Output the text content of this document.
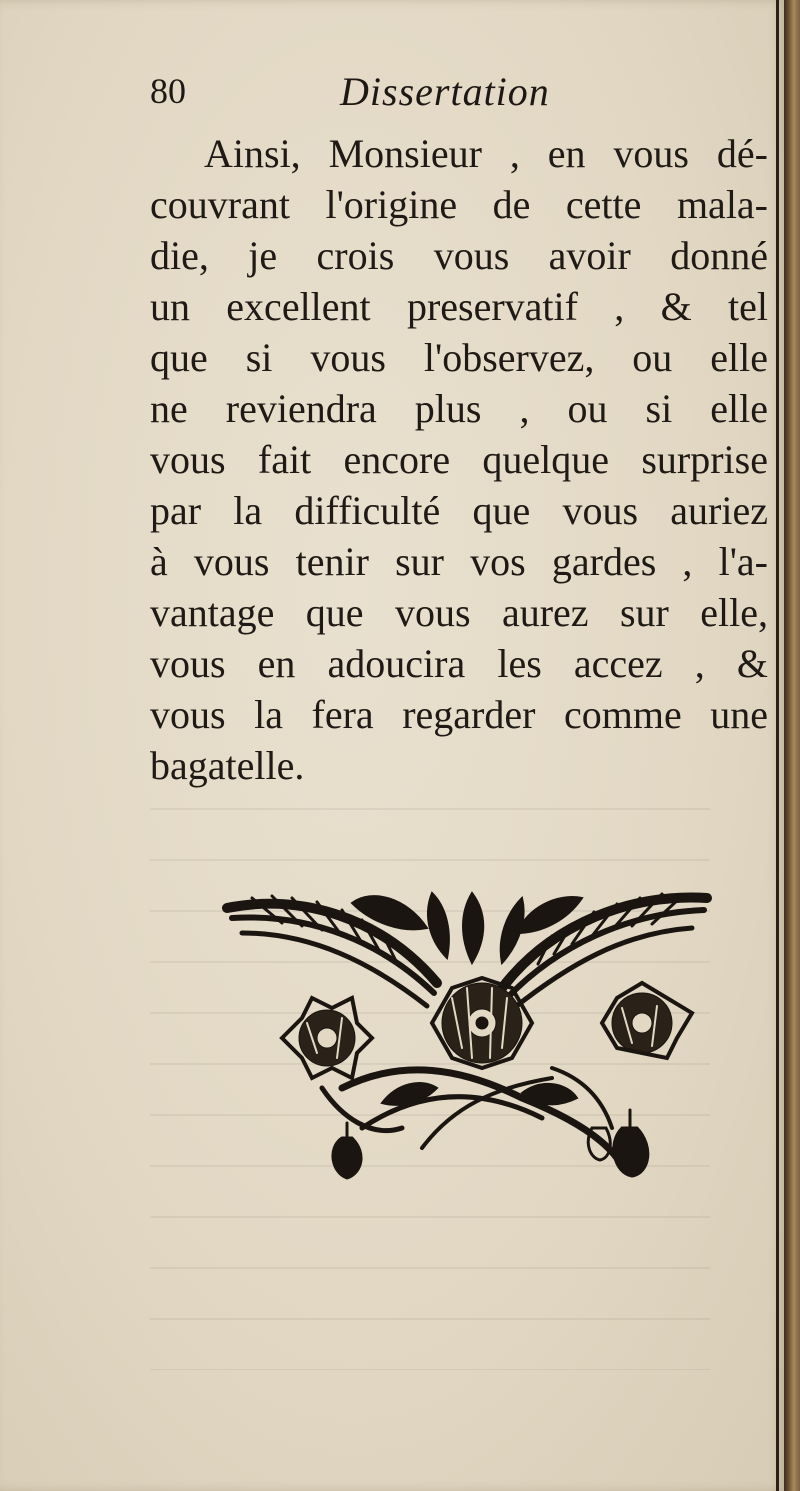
80	Dissertation
Ainsi, Monsieur , en vous dé-
couvrant l'origine de cette mala-
die, je crois vous avoir donné
un excellent preservatif , & tel
que si vous l'observez, ou elle
ne reviendra plus , ou si elle
vous fait encore quelque surprise
par la difficulté que vous auriez
à vous tenir sur vos gardes , l'a-
vantage que vous aurez sur elle,
vous en adoucira les accez , &
vous la fera regarder comme une
bagatelle.
